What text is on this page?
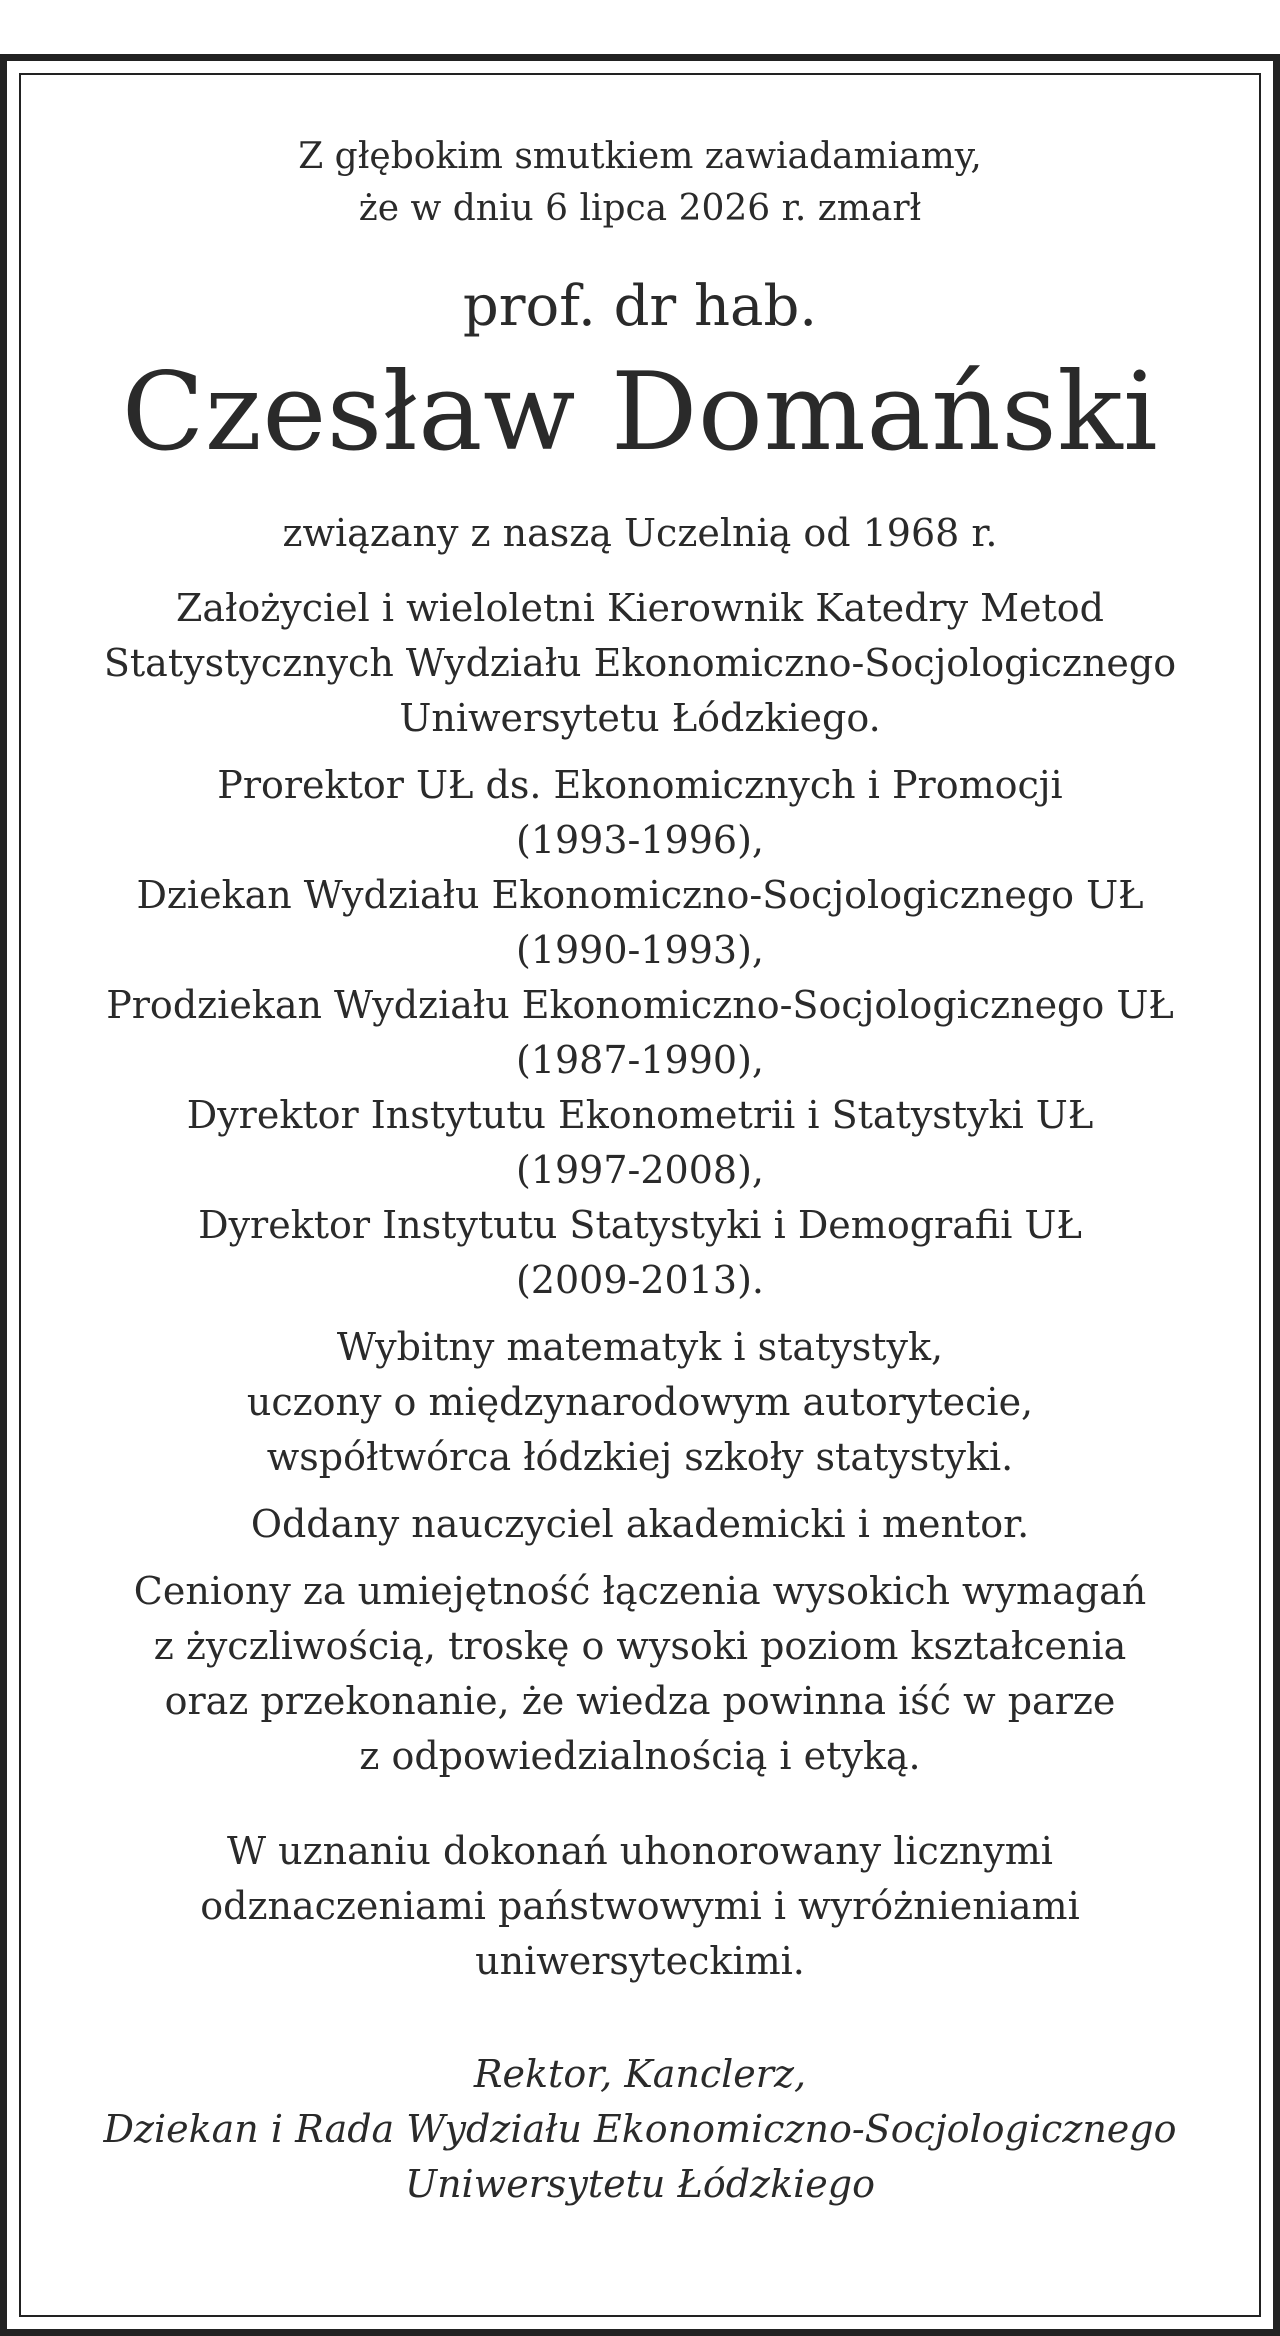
Z głębokim smutkiem zawiadamiamy,
że w dniu 6 lipca 2026 r. zmarł
prof. dr hab.
Czesław Domański
związany z naszą Uczelnią od 1968 r.
Założyciel i wieloletni Kierownik Katedry Metod
Statystycznych Wydziału Ekonomiczno-Socjologicznego
Uniwersytetu Łódzkiego.
Prorektor UŁ ds. Ekonomicznych i Promocji
(1993-1996),
Dziekan Wydziału Ekonomiczno-Socjologicznego UŁ
(1990-1993),
Prodziekan Wydziału Ekonomiczno-Socjologicznego UŁ
(1987-1990),
Dyrektor Instytutu Ekonometrii i Statystyki UŁ
(1997-2008),
Dyrektor Instytutu Statystyki i Demografii UŁ
(2009-2013).
Wybitny matematyk i statystyk,
uczony o międzynarodowym autorytecie,
współtwórca łódzkiej szkoły statystyki.
Oddany nauczyciel akademicki i mentor.
Ceniony za umiejętność łączenia wysokich wymagań
z życzliwością, troskę o wysoki poziom kształcenia
oraz przekonanie, że wiedza powinna iść w parze
z odpowiedzialnością i etyką.
W uznaniu dokonań uhonorowany licznymi
odznaczeniami państwowymi i wyróżnieniami
uniwersyteckimi.
Rektor, Kanclerz,
Dziekan i Rada Wydziału Ekonomiczno-Socjologicznego
Uniwersytetu Łódzkiego
